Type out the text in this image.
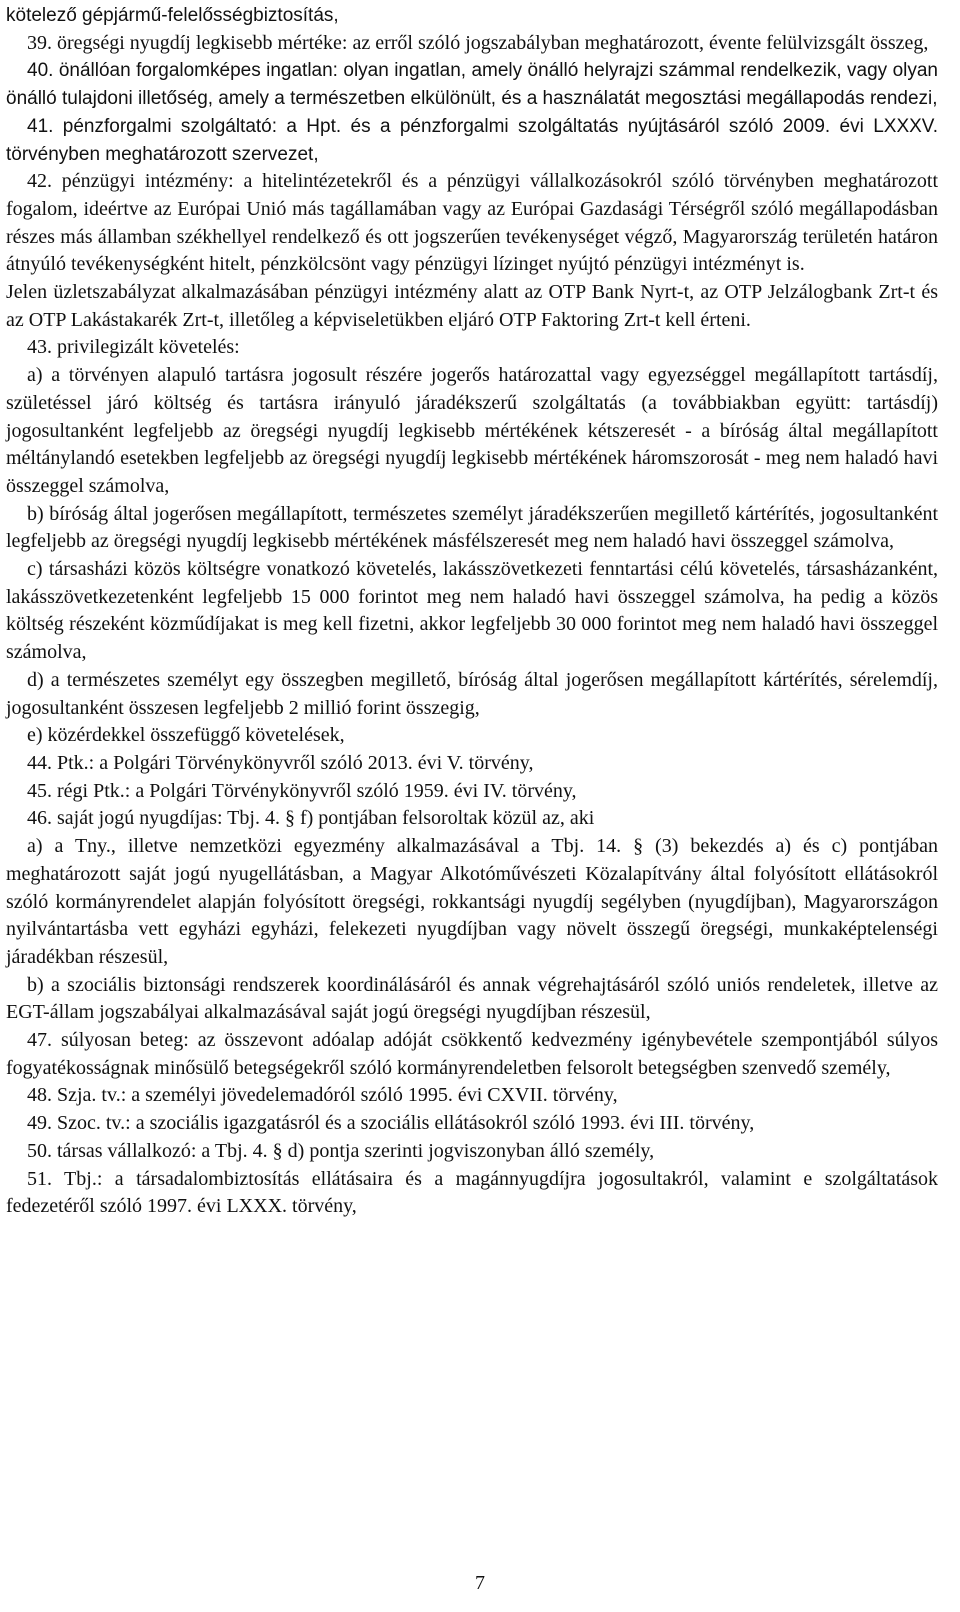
kötelező gépjármű-felelősségbiztosítás,

39. öregségi nyugdíj legkisebb mértéke: az erről szóló jogszabályban meghatározott, évente felülvizsgált összeg,

40. önállóan forgalomképes ingatlan: olyan ingatlan, amely önálló helyrajzi számmal rendelkezik, vagy olyan önálló tulajdoni illetőség, amely a természetben elkülönült, és a használatát megosztási megállapodás rendezi,

41. pénzforgalmi szolgáltató: a Hpt. és a pénzforgalmi szolgáltatás nyújtásáról szóló 2009. évi LXXXV. törvényben meghatározott szervezet,

42. pénzügyi intézmény: a hitelintézetekről és a pénzügyi vállalkozásokról szóló törvényben meghatározott fogalom, ideértve az Európai Unió más tagállamában vagy az Európai Gazdasági Térségről szóló megállapodásban részes más államban székhellyel rendelkező és ott jogszerűen tevékenységet végző, Magyarország területén határon átnyúló tevékenységként hitelt, pénzkölcsönt vagy pénzügyi lízinget nyújtó pénzügyi intézményt is.

Jelen üzletszabályzat alkalmazásában pénzügyi intézmény alatt az OTP Bank Nyrt-t, az OTP Jelzálogbank Zrt-t és az OTP Lakástakarék Zrt-t, illetőleg a képviseletükben eljáró OTP Faktoring Zrt-t kell érteni.

43. privilegizált követelés:

a) a törvényen alapuló tartásra jogosult részére jogerős határozattal vagy egyezséggel megállapított tartásdíj, születéssel járó költség és tartásra irányuló járadékszerű szolgáltatás (a továbbiakban együtt: tartásdíj) jogosultanként legfeljebb az öregségi nyugdíj legkisebb mértékének kétszeresét - a bíróság által megállapított méltánylandó esetekben legfeljebb az öregségi nyugdíj legkisebb mértékének háromszorosát - meg nem haladó havi összeggel számolva,

b) bíróság által jogerősen megállapított, természetes személyt járadékszerűen megillető kártérítés, jogosultanként legfeljebb az öregségi nyugdíj legkisebb mértékének másfélszeresét meg nem haladó havi összeggel számolva,

c) társasházi közös költségre vonatkozó követelés, lakásszövetkezeti fenntartási célú követelés, társasházanként, lakásszövetkezetenként legfeljebb 15 000 forintot meg nem haladó havi összeggel számolva, ha pedig a közös költség részeként közműdíjakat is meg kell fizetni, akkor legfeljebb 30 000 forintot meg nem haladó havi összeggel számolva,

d) a természetes személyt egy összegben megillető, bíróság által jogerősen megállapított kártérítés, sérelemdíj, jogosultanként összesen legfeljebb 2 millió forint összegig,

e) közérdekkel összefüggő követelések,

44. Ptk.: a Polgári Törvénykönyvről szóló 2013. évi V. törvény,

45. régi Ptk.: a Polgári Törvénykönyvről szóló 1959. évi IV. törvény,

46. saját jogú nyugdíjas: Tbj. 4. § f) pontjában felsoroltak közül az, aki

a) a Tny., illetve nemzetközi egyezmény alkalmazásával a Tbj. 14. § (3) bekezdés a) és c) pontjában meghatározott saját jogú nyugellátásban, a Magyar Alkotóművészeti Közalapítvány által folyósított ellátásokról szóló kormányrendelet alapján folyósított öregségi, rokkantsági nyugdíj segélyben (nyugdíjban), Magyarországon nyilvántartásba vett egyházi egyházi, felekezeti nyugdíjban vagy növelt összegű öregségi, munkaképtelenségi járadékban részesül,

b) a szociális biztonsági rendszerek koordinálásáról és annak végrehajtásáról szóló uniós rendeletek, illetve az EGT-állam jogszabályai alkalmazásával saját jogú öregségi nyugdíjban részesül,

47. súlyosan beteg: az összevont adóalap adóját csökkentő kedvezmény igénybevétele szempontjából súlyos fogyatékosságnak minősülő betegségekről szóló kormányrendeletben felsorolt betegségben szenvedő személy,

48. Szja. tv.: a személyi jövedelemadóról szóló 1995. évi CXVII. törvény,

49. Szoc. tv.: a szociális igazgatásról és a szociális ellátásokról szóló 1993. évi III. törvény,

50. társas vállalkozó: a Tbj. 4. § d) pontja szerinti jogviszonyban álló személy,

51. Tbj.: a társadalombiztosítás ellátásaira és a magánnyugdíjra jogosultakról, valamint e szolgáltatások fedezetéről szóló 1997. évi LXXX. törvény,

7
